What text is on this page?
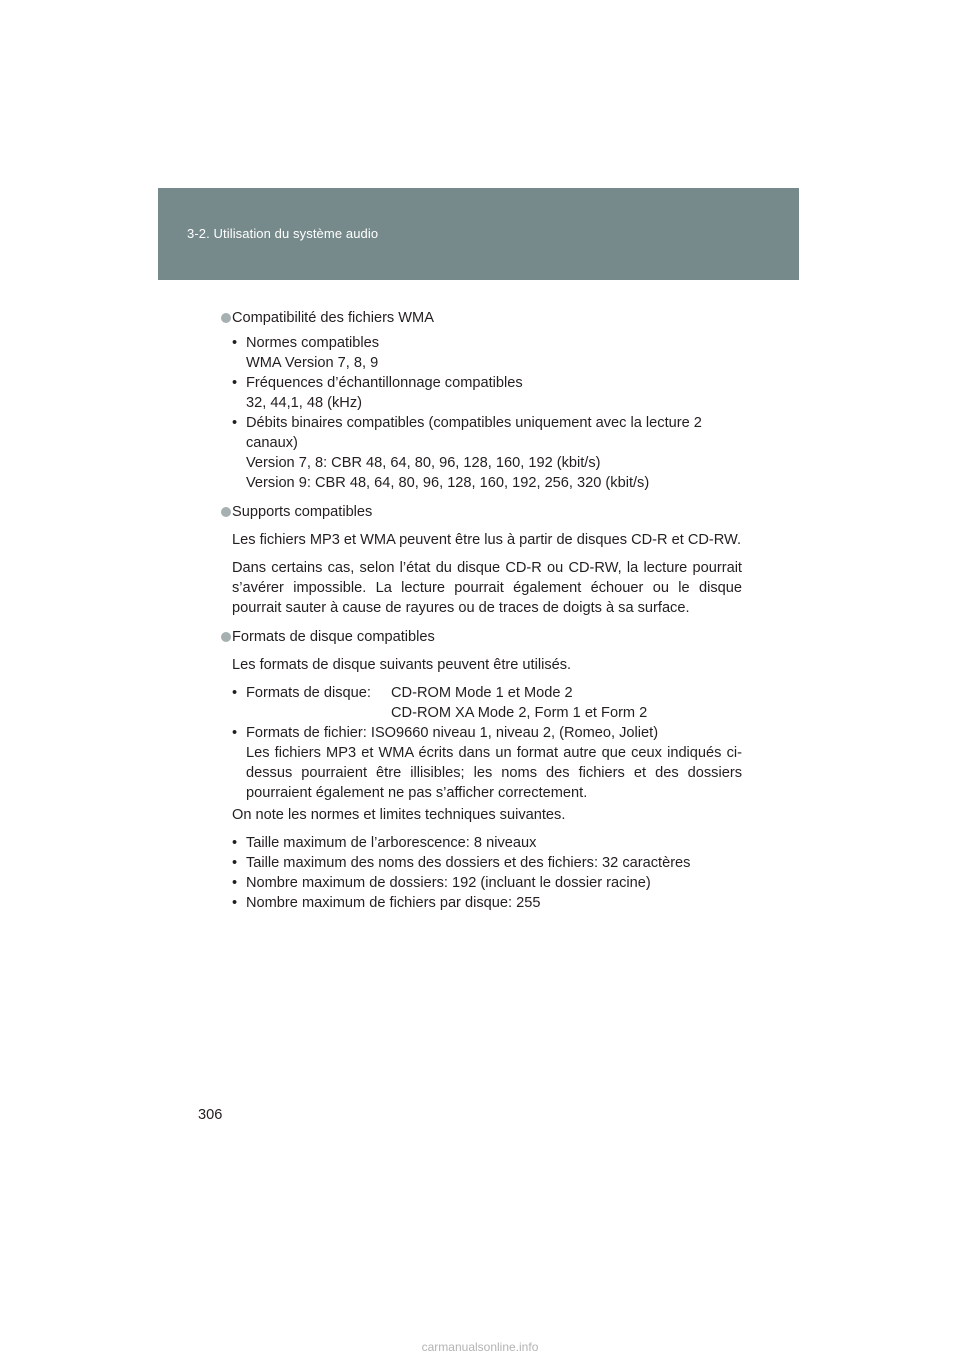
3-2. Utilisation du système audio
Compatibilité des fichiers WMA
• Normes compatibles
WMA Version 7, 8, 9
• Fréquences d’échantillonnage compatibles
32, 44,1, 48 (kHz)
• Débits binaires compatibles (compatibles uniquement avec la lecture 2
canaux)
Version 7, 8: CBR 48, 64, 80, 96, 128, 160, 192 (kbit/s)
Version 9: CBR 48, 64, 80, 96, 128, 160, 192, 256, 320 (kbit/s)
Supports compatibles
Les fichiers MP3 et WMA peuvent être lus à partir de disques CD-R et CD-RW.
Dans certains cas, selon l’état du disque CD-R ou CD-RW, la lecture pourrait s’avérer impossible. La lecture pourrait également échouer ou le disque pourrait sauter à cause de rayures ou de traces de doigts à sa surface.
Formats de disque compatibles
Les formats de disque suivants peuvent être utilisés.
• Formats de disque:	CD-ROM Mode 1 et Mode 2
CD-ROM XA Mode 2, Form 1 et Form 2
• Formats de fichier: ISO9660 niveau 1, niveau 2, (Romeo, Joliet)
Les fichiers MP3 et WMA écrits dans un format autre que ceux indiqués ci-dessus pourraient être illisibles; les noms des fichiers et des dossiers pourraient également ne pas s’afficher correctement.
On note les normes et limites techniques suivantes.
• Taille maximum de l’arborescence: 8 niveaux
• Taille maximum des noms des dossiers et des fichiers: 32 caractères
• Nombre maximum de dossiers: 192 (incluant le dossier racine)
• Nombre maximum de fichiers par disque: 255
306
carmanualsonline.info
